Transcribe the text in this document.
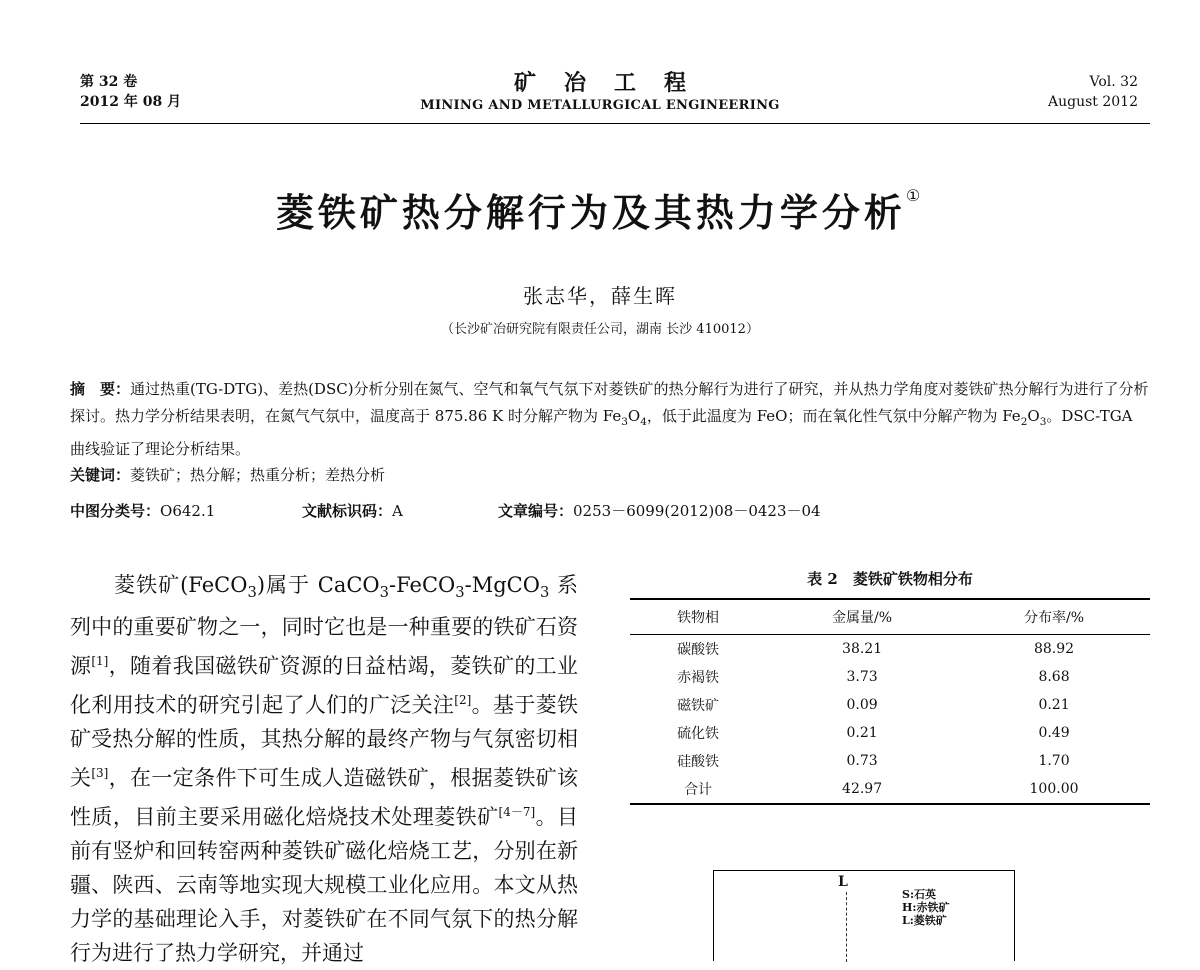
第 32 卷
2012 年 08 月
矿冶工程
MINING AND METALLURGICAL ENGINEERING
Vol. 32
August 2012
菱铁矿热分解行为及其热力学分析①
张志华，薛生晖
（长沙矿冶研究院有限责任公司，湖南 长沙 410012）
摘　要：通过热重(TG-DTG)、差热(DSC)分析分别在氮气、空气和氧气气氛下对菱铁矿的热分解行为进行了研究，并从热力学角度对菱铁矿热分解行为进行了分析探讨。热力学分析结果表明，在氮气气氛中，温度高于 875.86 K 时分解产物为 $Fe_3O_4$，低于此温度为 FeO；而在氧化性气氛中分解产物为 $Fe_2O_3$。DSC-TGA 曲线验证了理论分析结果。
关键词：菱铁矿；热分解；热重分析；差热分析
中图分类号：O642.1	文献标识码：A	文章编号：0253－6099(2012)08－0423－04
　　菱铁矿(FeCO$_3$)属于 CaCO$_3$-FeCO$_3$-MgCO$_3$ 系列中的重要矿物之一，同时它也是一种重要的铁矿石资源[1]，随着我国磁铁矿资源的日益枯竭，菱铁矿的工业化利用技术的研究引起了人们的广泛关注[2]。基于菱铁矿受热分解的性质，其热分解的最终产物与气氛密切相关[3]，在一定条件下可生成人造磁铁矿，根据菱铁矿该性质，目前主要采用磁化焙烧技术处理菱铁矿[4－7]。目前有竖炉和回转窑两种菱铁矿磁化焙烧工艺，分别在新疆、陕西、云南等地实现大规模工业化应用。本文从热力学的基础理论入手，对菱铁矿在不同气氛下的热分解行为进行了热力学研究，并通过
表 2　菱铁矿铁物相分布
铁物相	金属量/%	分布率/%
碳酸铁	38.21	88.92
赤褐铁	3.73	8.68
磁铁矿	0.09	0.21
硫化铁	0.21	0.49
硅酸铁	0.73	1.70
合计	42.97	100.00
L
S:石英
H:赤铁矿
L:菱铁矿
